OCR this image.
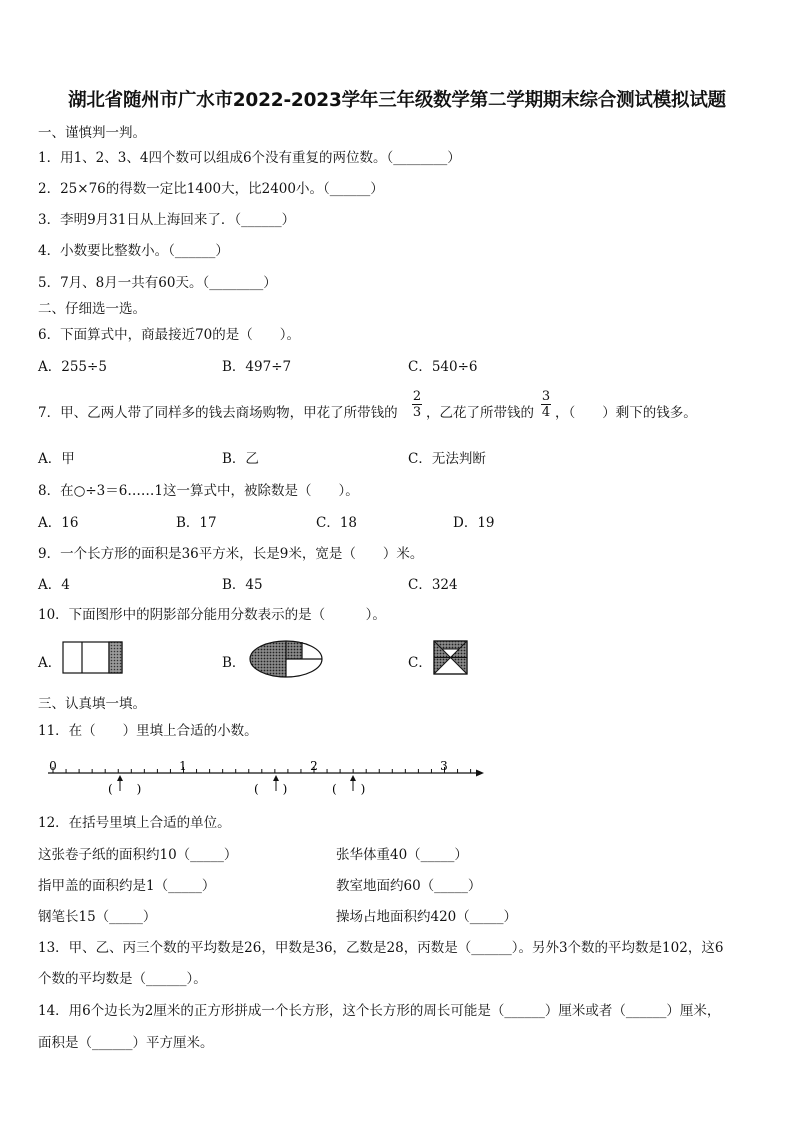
湖北省随州市广水市2022-2023学年三年级数学第二学期期末综合测试模拟试题
一、谨慎判一判。
1．用1、2、3、4四个数可以组成6个没有重复的两位数。（________）
2．25×76的得数一定比1400大，比2400小。（______）
3．李明9月31日从上海回来了．（______）
4．小数要比整数小。（______）
5．7月、8月一共有60天。（________）
二、仔细选一选。
6．下面算式中，商最接近70的是（　　）。
A．255÷5	B．497÷7	C．540÷6
7．甲、乙两人带了同样多的钱去商场购物，甲花了所带钱的
2
3 ，乙花了所带钱的
3
4 ，（　　）剩下的钱多。
A．甲	B．乙	C．无法判断
8．在○÷3＝6……1这一算式中，被除数是（　　）。
A．16	B．17	C．18	D．19
9．一个长方形的面积是36平方米，长是9米，宽是（　　）米。
A．4	B．45	C．324
10．下面图形中的阴影部分能用分数表示的是（　　　）。
A．	B．	C．
三、认真填一填。
11．在（　　）里填上合适的小数。
0	1	2	3
(　　)	(　　)	(　　)
12．在括号里填上合适的单位。
这张卷子纸的面积约10（_____）	张华体重40（_____）
指甲盖的面积约是1（_____）	教室地面约60（_____）
钢笔长15（_____）	操场占地面积约420（_____）
13．甲、乙、丙三个数的平均数是26，甲数是36，乙数是28，丙数是（______）。另外3个数的平均数是102，这6
个数的平均数是（______）。
14．用6个边长为2厘米的正方形拼成一个长方形，这个长方形的周长可能是（______）厘米或者（______）厘米，
面积是（______）平方厘米。
